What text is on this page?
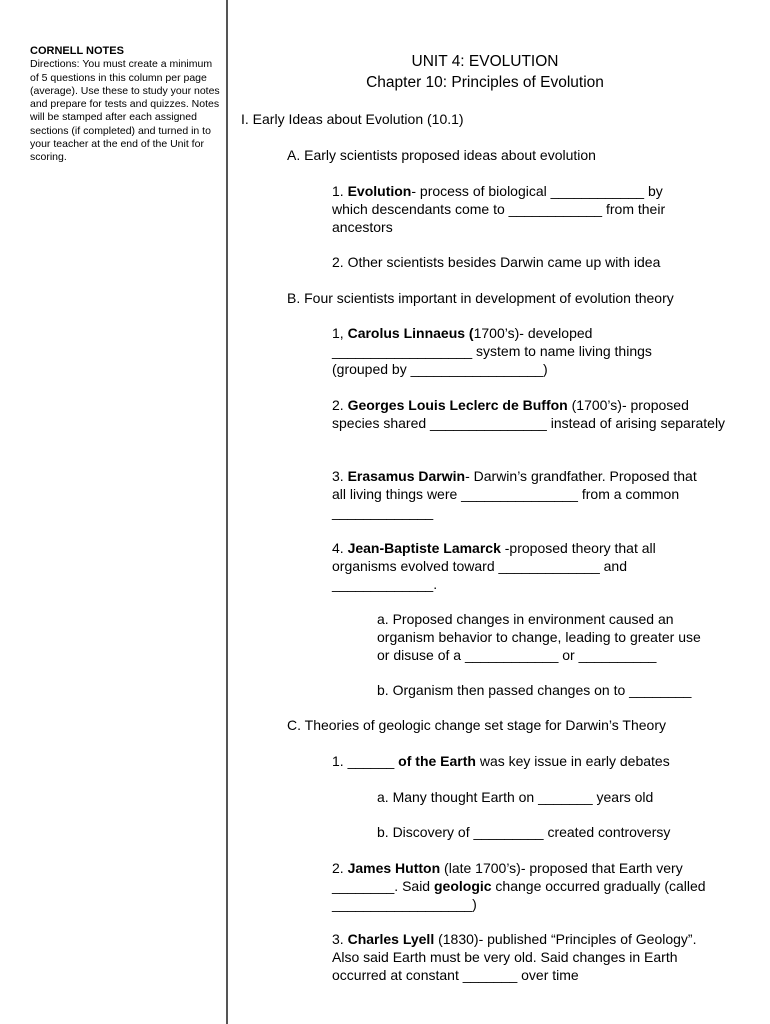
CORNELL NOTES
Directions: You must create a minimum of 5 questions in this column per page (average). Use these to study your notes and prepare for tests and quizzes. Notes will be stamped after each assigned sections (if completed) and turned in to your teacher at the end of the Unit for scoring.

UNIT 4: EVOLUTION

Chapter 10: Principles of Evolution

I. Early Ideas about Evolution (10.1)

A. Early scientists proposed ideas about evolution

1. Evolution- process of biological ____________ by which descendants come to ____________ from their ancestors

2. Other scientists besides Darwin came up with idea

B. Four scientists important in development of evolution theory

1, Carolus Linnaeus (1700’s)- developed __________________ system to name living things (grouped by _________________)

2. Georges Louis Leclerc de Buffon (1700’s)- proposed species shared _______________ instead of arising separately

3. Erasamus Darwin- Darwin’s grandfather. Proposed that all living things were _______________ from a common _____________

4. Jean-Baptiste Lamarck -proposed theory that all organisms evolved toward _____________ and _____________.

a. Proposed changes in environment caused an organism behavior to change, leading to greater use or disuse of a ____________ or __________

b. Organism then passed changes on to ________

C. Theories of geologic change set stage for Darwin’s Theory

1. ______ of the Earth was key issue in early debates

a. Many thought Earth on _______ years old

b. Discovery of _________ created controversy

2. James Hutton (late 1700’s)- proposed that Earth very ________. Said geologic change occurred gradually (called __________________)

3. Charles Lyell (1830)- published “Principles of Geology”. Also said Earth must be very old. Said changes in Earth occurred at constant _______ over time
